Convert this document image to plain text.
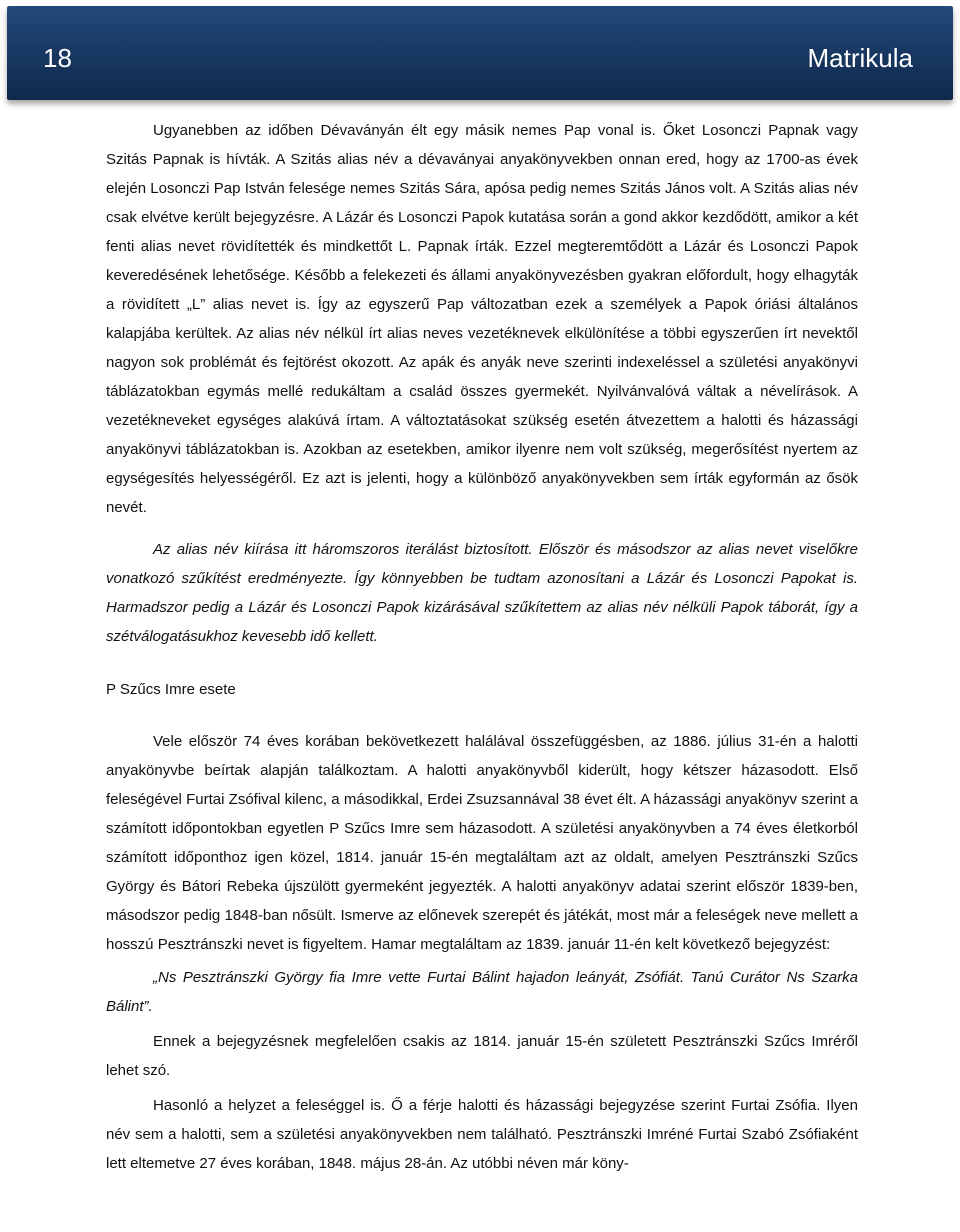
18	Matrikula

Ugyanebben az időben Dévaványán élt egy másik nemes Pap vonal is. Őket Losonczi Papnak vagy Szitás Papnak is hívták. A Szitás alias név a dévaványai anyakönyvekben onnan ered, hogy az 1700-as évek elején Losonczi Pap István felesége nemes Szitás Sára, apósa pedig nemes Szitás János volt. A Szitás alias név csak elvétve került bejegyzésre. A Lázár és Losonczi Papok kutatása során a gond akkor kezdődött, amikor a két fenti alias nevet rövidítették és mindkettőt L. Papnak írták. Ezzel megteremtődött a Lázár és Losonczi Papok keveredésének lehetősége. Később a felekezeti és állami anyakönyvezésben gyakran előfordult, hogy elhagyták a rövidített „L” alias nevet is. Így az egyszerű Pap változatban ezek a személyek a Papok óriási általános kalapjába kerültek. Az alias név nélkül írt alias neves vezetéknevek elkülönítése a többi egyszerűen írt nevektől nagyon sok problémát és fejtörést okozott. Az apák és anyák neve szerinti indexeléssel a születési anyakönyvi táblázatokban egymás mellé redukáltam a család összes gyermekét. Nyilvánvalóvá váltak a névelírások. A vezetékneveket egységes alakúvá írtam. A változtatásokat szükség esetén átvezettem a halotti és házassági anyakönyvi táblázatokban is. Azokban az esetekben, amikor ilyenre nem volt szükség, megerősítést nyertem az egységesítés helyességéről. Ez azt is jelenti, hogy a különböző anyakönyvekben sem írták egyformán az ősök nevét.

Az alias név kiírása itt háromszoros iterálást biztosított. Először és másodszor az alias nevet viselőkre vonatkozó szűkítést eredményezte. Így könnyebben be tudtam azonosítani a Lázár és Losonczi Papokat is. Harmadszor pedig a Lázár és Losonczi Papok kizárásával szűkítettem az alias név nélküli Papok táborát, így a szétválogatásukhoz kevesebb idő kellett.

P Szűcs Imre esete

Vele először 74 éves korában bekövetkezett halálával összefüggésben, az 1886. július 31-én a halotti anyakönyvbe beírtak alapján találkoztam. A halotti anyakönyvből kiderült, hogy kétszer házasodott. Első feleségével Furtai Zsófival kilenc, a másodikkal, Erdei Zsuzsannával 38 évet élt. A házassági anyakönyv szerint a számított időpontokban egyetlen P Szűcs Imre sem házasodott. A születési anyakönyvben a 74 éves életkorból számított időponthoz igen közel, 1814. január 15-én megtaláltam azt az oldalt, amelyen Pesztránszki Szűcs György és Bátori Rebeka újszülött gyermeként jegyezték. A halotti anyakönyv adatai szerint először 1839-ben, másodszor pedig 1848-ban nősült. Ismerve az előnevek szerepét és játékát, most már a feleségek neve mellett a hosszú Pesztránszki nevet is figyeltem. Hamar megtaláltam az 1839. január 11-én kelt következő bejegyzést:

„Ns Pesztránszki György fia Imre vette Furtai Bálint hajadon leányát, Zsófiát. Tanú Curátor Ns Szarka Bálint”.

Ennek a bejegyzésnek megfelelően csakis az 1814. január 15-én született Pesztránszki Szűcs Imréről lehet szó.

Hasonló a helyzet a feleséggel is. Ő a férje halotti és házassági bejegyzése szerint Furtai Zsófia. Ilyen név sem a halotti, sem a születési anyakönyvekben nem található. Pesztránszki Imréné Furtai Szabó Zsófiaként lett eltemetve 27 éves korában, 1848. május 28-án. Az utóbbi néven már köny-
